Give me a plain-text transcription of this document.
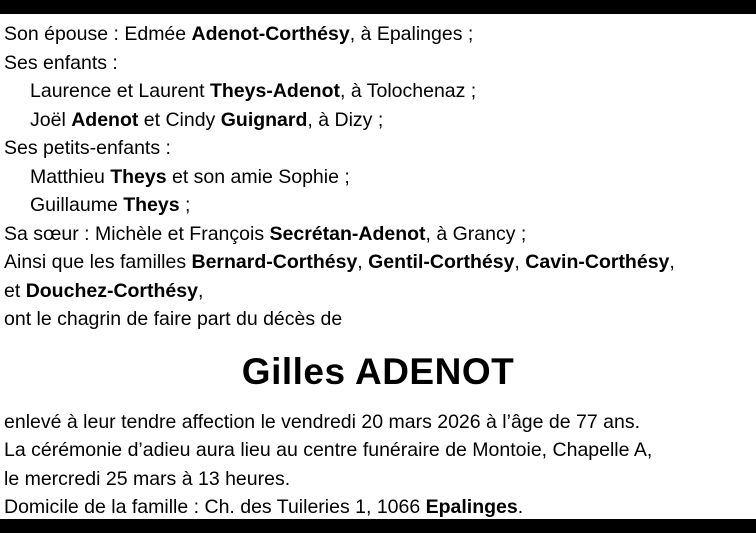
Son épouse : Edmée Adenot-Corthésy, à Epalinges ;
Ses enfants :
Laurence et Laurent Theys-Adenot, à Tolochenaz ;
Joël Adenot et Cindy Guignard, à Dizy ;
Ses petits-enfants :
Matthieu Theys et son amie Sophie ;
Guillaume Theys ;
Sa sœur : Michèle et François Secrétan-Adenot, à Grancy ;
Ainsi que les familles Bernard-Corthésy, Gentil-Corthésy, Cavin-Corthésy,
et Douchez-Corthésy,
ont le chagrin de faire part du décès de
Gilles ADENOT
enlevé à leur tendre affection le vendredi 20 mars 2026 à l’âge de 77 ans.
La cérémonie d’adieu aura lieu au centre funéraire de Montoie, Chapelle A,
le mercredi 25 mars à 13 heures.
Domicile de la famille : Ch. des Tuileries 1, 1066 Epalinges.
